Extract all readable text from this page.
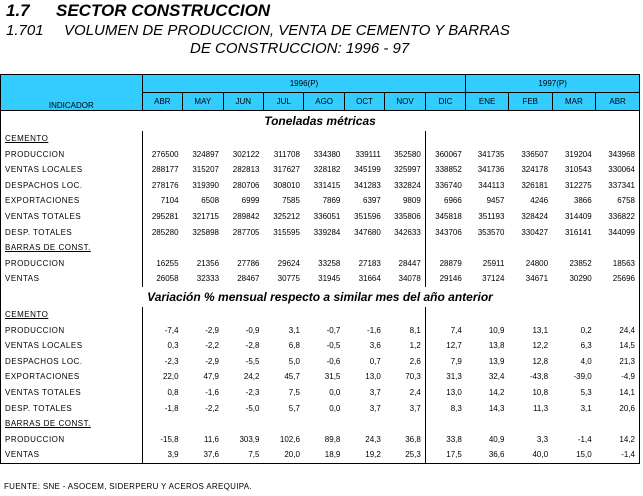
1.7 SECTOR CONSTRUCCION
1.701 VOLUMEN DE PRODUCCION, VENTA DE CEMENTO Y BARRAS
DE CONSTRUCCION: 1996 - 97
INDICADOR	1996(P)								1997(P)			
	ABR	MAY	JUN	JUL	AGO	OCT	NOV	DIC	ENE	FEB	MAR	ABR
Toneladas métricas												
CEMENTO												
PRODUCCION	276500	324897	302122	311708	334380	339111	352580	360067	341735	336507	319204	343968
VENTAS LOCALES	288177	315207	282813	317627	328182	345199	325997	338852	341736	324178	310543	330064
DESPACHOS LOC.	278176	319390	280706	308010	331415	341283	332824	336740	344113	326181	312275	337341
EXPORTACIONES	7104	6508	6999	7585	7869	6397	9809	6966	9457	4246	3866	6758
VENTAS TOTALES	295281	321715	289842	325212	336051	351596	335806	345818	351193	328424	314409	336822
DESP. TOTALES	285280	325898	287705	315595	339284	347680	342633	343706	353570	330427	316141	344099
BARRAS DE CONST.												
PRODUCCION	16255	21356	27786	29624	33258	27183	28447	28879	25911	24800	23852	18563
VENTAS	26058	32333	28467	30775	31945	31664	34078	29146	37124	34671	30290	25696
Variación % mensual respecto a similar mes del año anterior												
CEMENTO												
PRODUCCION	-7,4	-2,9	-0,9	3,1	-0,7	-1,6	8,1	7,4	10,9	13,1	0,2	24,4
VENTAS LOCALES	0,3	-2,2	-2,8	6,8	-0,5	3,6	1,2	12,7	13,8	12,2	6,3	14,5
DESPACHOS LOC.	-2,3	-2,9	-5,5	5,0	-0,6	0,7	2,6	7,9	13,9	12,8	4,0	21,3
EXPORTACIONES	22,0	47,9	24,2	45,7	31,5	13,0	70,3	31,3	32,4	-43,8	-39,0	-4,9
VENTAS TOTALES	0,8	-1,6	-2,3	7,5	0,0	3,7	2,4	13,0	14,2	10,8	5,3	14,1
DESP. TOTALES	-1,8	-2,2	-5,0	5,7	0,0	3,7	3,7	8,3	14,3	11,3	3,1	20,6
BARRAS DE CONST.												
PRODUCCION	-15,8	11,6	303,9	102,6	89,8	24,3	36,8	33,8	40,9	3,3	-1,4	14,2
VENTAS	3,9	37,6	7,5	20,0	18,9	19,2	25,3	17,5	36,6	40,0	15,0	-1,4
FUENTE: SNE - ASOCEM, SIDERPERU Y ACEROS AREQUIPA.
